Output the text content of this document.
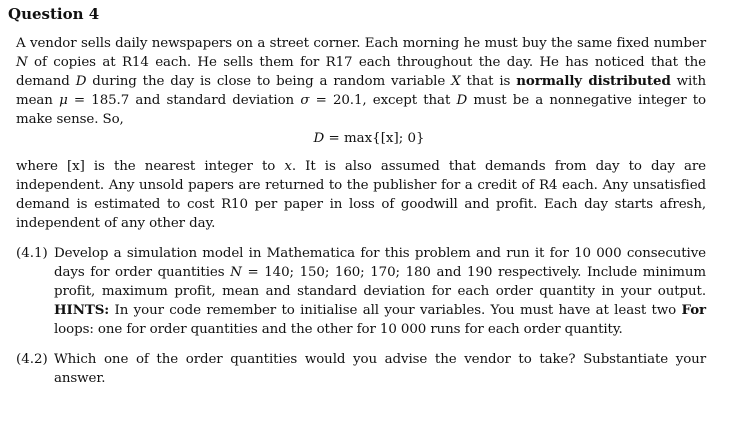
Question 4

A vendor sells daily newspapers on a street corner. Each morning he must buy the same fixed number N of copies at R14 each. He sells them for R17 each throughout the day. He has noticed that the demand D during the day is close to being a random variable X that is normally distributed with mean μ = 185.7 and standard deviation σ = 20.1, except that D must be a nonnegative integer to make sense. So,

D = max{[x]; 0}

where [x] is the nearest integer to x. It is also assumed that demands from day to day are independent. Any unsold papers are returned to the publisher for a credit of R4 each. Any unsatisfied demand is estimated to cost R10 per paper in loss of goodwill and profit. Each day starts afresh, independent of any other day.

(4.1) Develop a simulation model in Mathematica for this problem and run it for 10 000 consecutive days for order quantities N = 140; 150; 160; 170; 180 and 190 respectively. Include minimum profit, maximum profit, mean and standard deviation for each order quantity in your output. HINTS: In your code remember to initialise all your variables. You must have at least two For loops: one for order quantities and the other for 10 000 runs for each order quantity.
(4.2) Which one of the order quantities would you advise the vendor to take? Substantiate your answer.
